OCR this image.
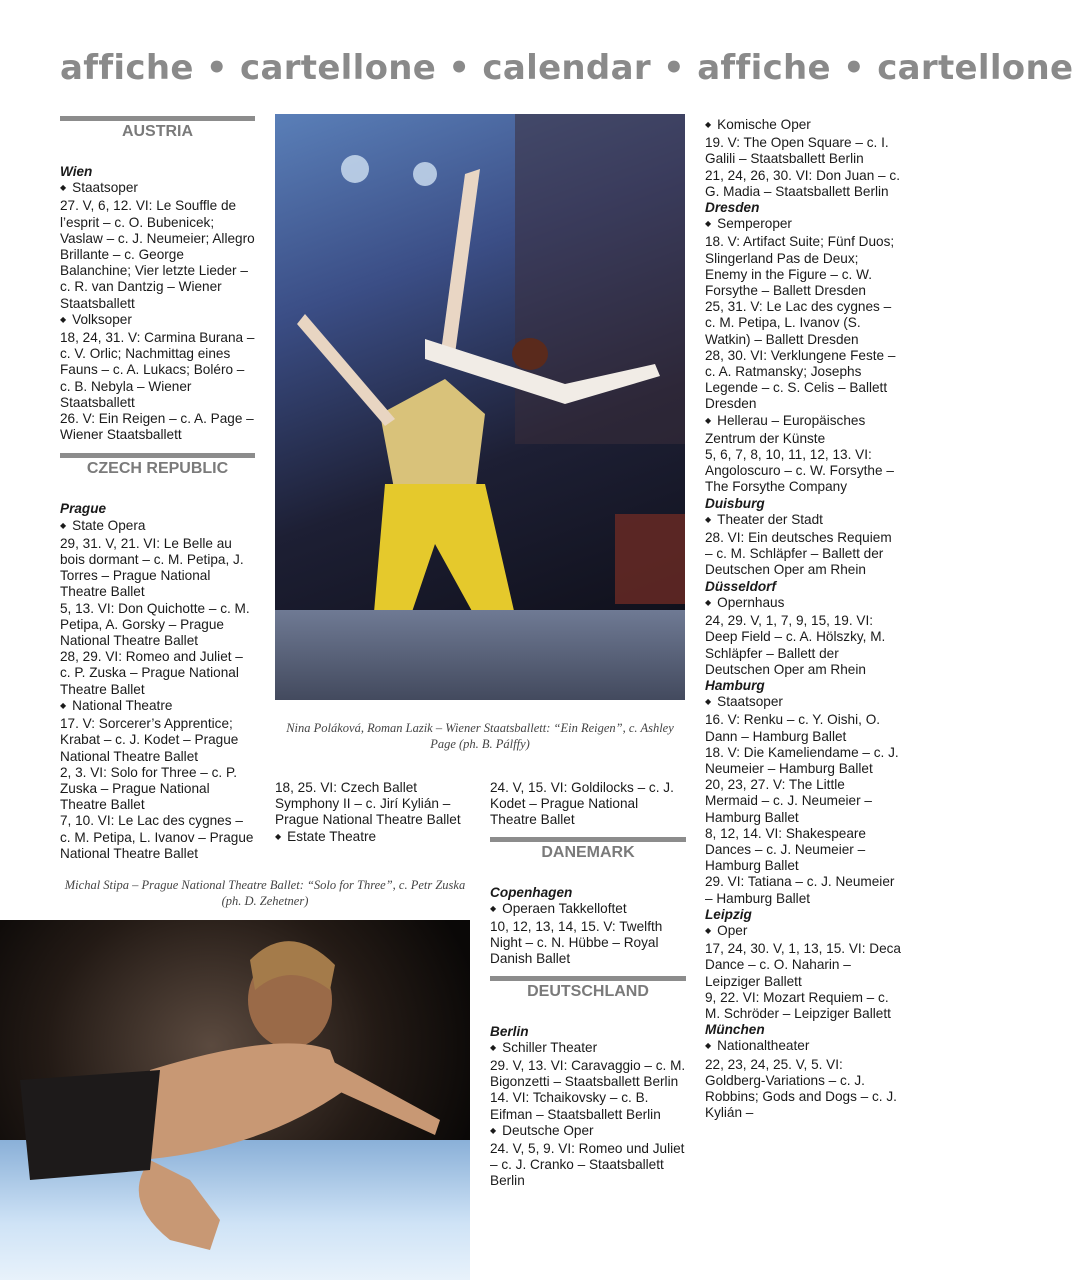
affiche • cartellone • calendar • affiche • cartellone
Nina Poláková, Roman Lazik – Wiener Staatsballett: “Ein Reigen”, c. Ashley Page (ph. B. Pálffy)
Michal Stipa – Prague National Theatre Ballet: “Solo for Three”, c. Petr Zuska (ph. D. Zehetner)
AUSTRIA

Wien

◆ Staatsoper

27. V, 6, 12. VI: Le Souffle de l’esprit – c. O. Bubenicek; Vaslaw – c. J. Neumeier; Allegro Brillante – c. George Balanchine; Vier letzte Lieder – c. R. van Dantzig – Wiener Staatsballett

◆ Volksoper

18, 24, 31. V: Carmina Burana – c. V. Orlic; Nachmittag eines Fauns – c. A. Lukacs; Boléro – c. B. Nebyla – Wiener Staatsballett

26. V: Ein Reigen – c. A. Page – Wiener Staatsballett

CZECH REPUBLIC

Prague

◆ State Opera

29, 31. V, 21. VI: Le Belle au bois dormant – c. M. Petipa, J. Torres – Prague National Theatre Ballet

5, 13. VI: Don Quichotte – c. M. Petipa, A. Gorsky – Prague National Theatre Ballet

28, 29. VI: Romeo and Juliet – c. P. Zuska – Prague National Theatre Ballet

◆ National Theatre

17. V: Sorcerer’s Apprentice; Krabat – c. J. Kodet – Prague National Theatre Ballet

2, 3. VI: Solo for Three – c. P. Zuska – Prague National Theatre Ballet

7, 10. VI: Le Lac des cygnes – c. M. Petipa, L. Ivanov – Prague National Theatre Ballet

18, 25. VI: Czech Ballet Symphony II – c. Jirí Kylián – Prague National Theatre Ballet

◆ Estate Theatre

24. V, 15. VI: Goldilocks – c. J. Kodet – Prague National Theatre Ballet

DANEMARK

Copenhagen

◆ Operaen Takkelloftet

10, 12, 13, 14, 15. V: Twelfth Night – c. N. Hübbe – Royal Danish Ballet

DEUTSCHLAND

Berlin

◆ Schiller Theater

29. V, 13. VI: Caravaggio – c. M. Bigonzetti – Staatsballett Berlin

14. VI: Tchaikovsky – c. B. Eifman – Staatsballett Berlin

◆ Deutsche Oper

24. V, 5, 9. VI: Romeo und Juliet – c. J. Cranko – Staatsballett Berlin

◆ Komische Oper

19. V: The Open Square – c. I. Galili – Staatsballett Berlin

21, 24, 26, 30. VI: Don Juan – c. G. Madia – Staatsballett Berlin

Dresden

◆ Semperoper

18. V: Artifact Suite; Fünf Duos; Slingerland Pas de Deux; Enemy in the Figure – c. W. Forsythe – Ballett Dresden

25, 31. V: Le Lac des cygnes – c. M. Petipa, L. Ivanov (S. Watkin) – Ballett Dresden

28, 30. VI: Verklungene Feste – c. A. Ratmansky; Josephs Legende – c. S. Celis – Ballett Dresden

◆ Hellerau – Europäisches Zentrum der Künste

5, 6, 7, 8, 10, 11, 12, 13. VI: Angoloscuro – c. W. Forsythe – The Forsythe Company

Duisburg

◆ Theater der Stadt

28. VI: Ein deutsches Requiem – c. M. Schläpfer – Ballett der Deutschen Oper am Rhein

Düsseldorf

◆ Opernhaus

24, 29. V, 1, 7, 9, 15, 19. VI: Deep Field – c. A. Hölszky, M. Schläpfer – Ballett der Deutschen Oper am Rhein

Hamburg

◆ Staatsoper

16. V: Renku – c. Y. Oishi, O. Dann – Hamburg Ballet

18. V: Die Kameliendame – c. J. Neumeier – Hamburg Ballet

20, 23, 27. V: The Little Mermaid – c. J. Neumeier – Hamburg Ballet

8, 12, 14. VI: Shakespeare Dances – c. J. Neumeier – Hamburg Ballet

29. VI: Tatiana – c. J. Neumeier – Hamburg Ballet

Leipzig

◆ Oper

17, 24, 30. V, 1, 13, 15. VI: Deca Dance – c. O. Naharin – Leipziger Ballett

9, 22. VI: Mozart Requiem – c. M. Schröder – Leipziger Ballett

München

◆ Nationaltheater

22, 23, 24, 25. V, 5. VI: Goldberg-Variations – c. J. Robbins; Gods and Dogs – c. J. Kylián –
